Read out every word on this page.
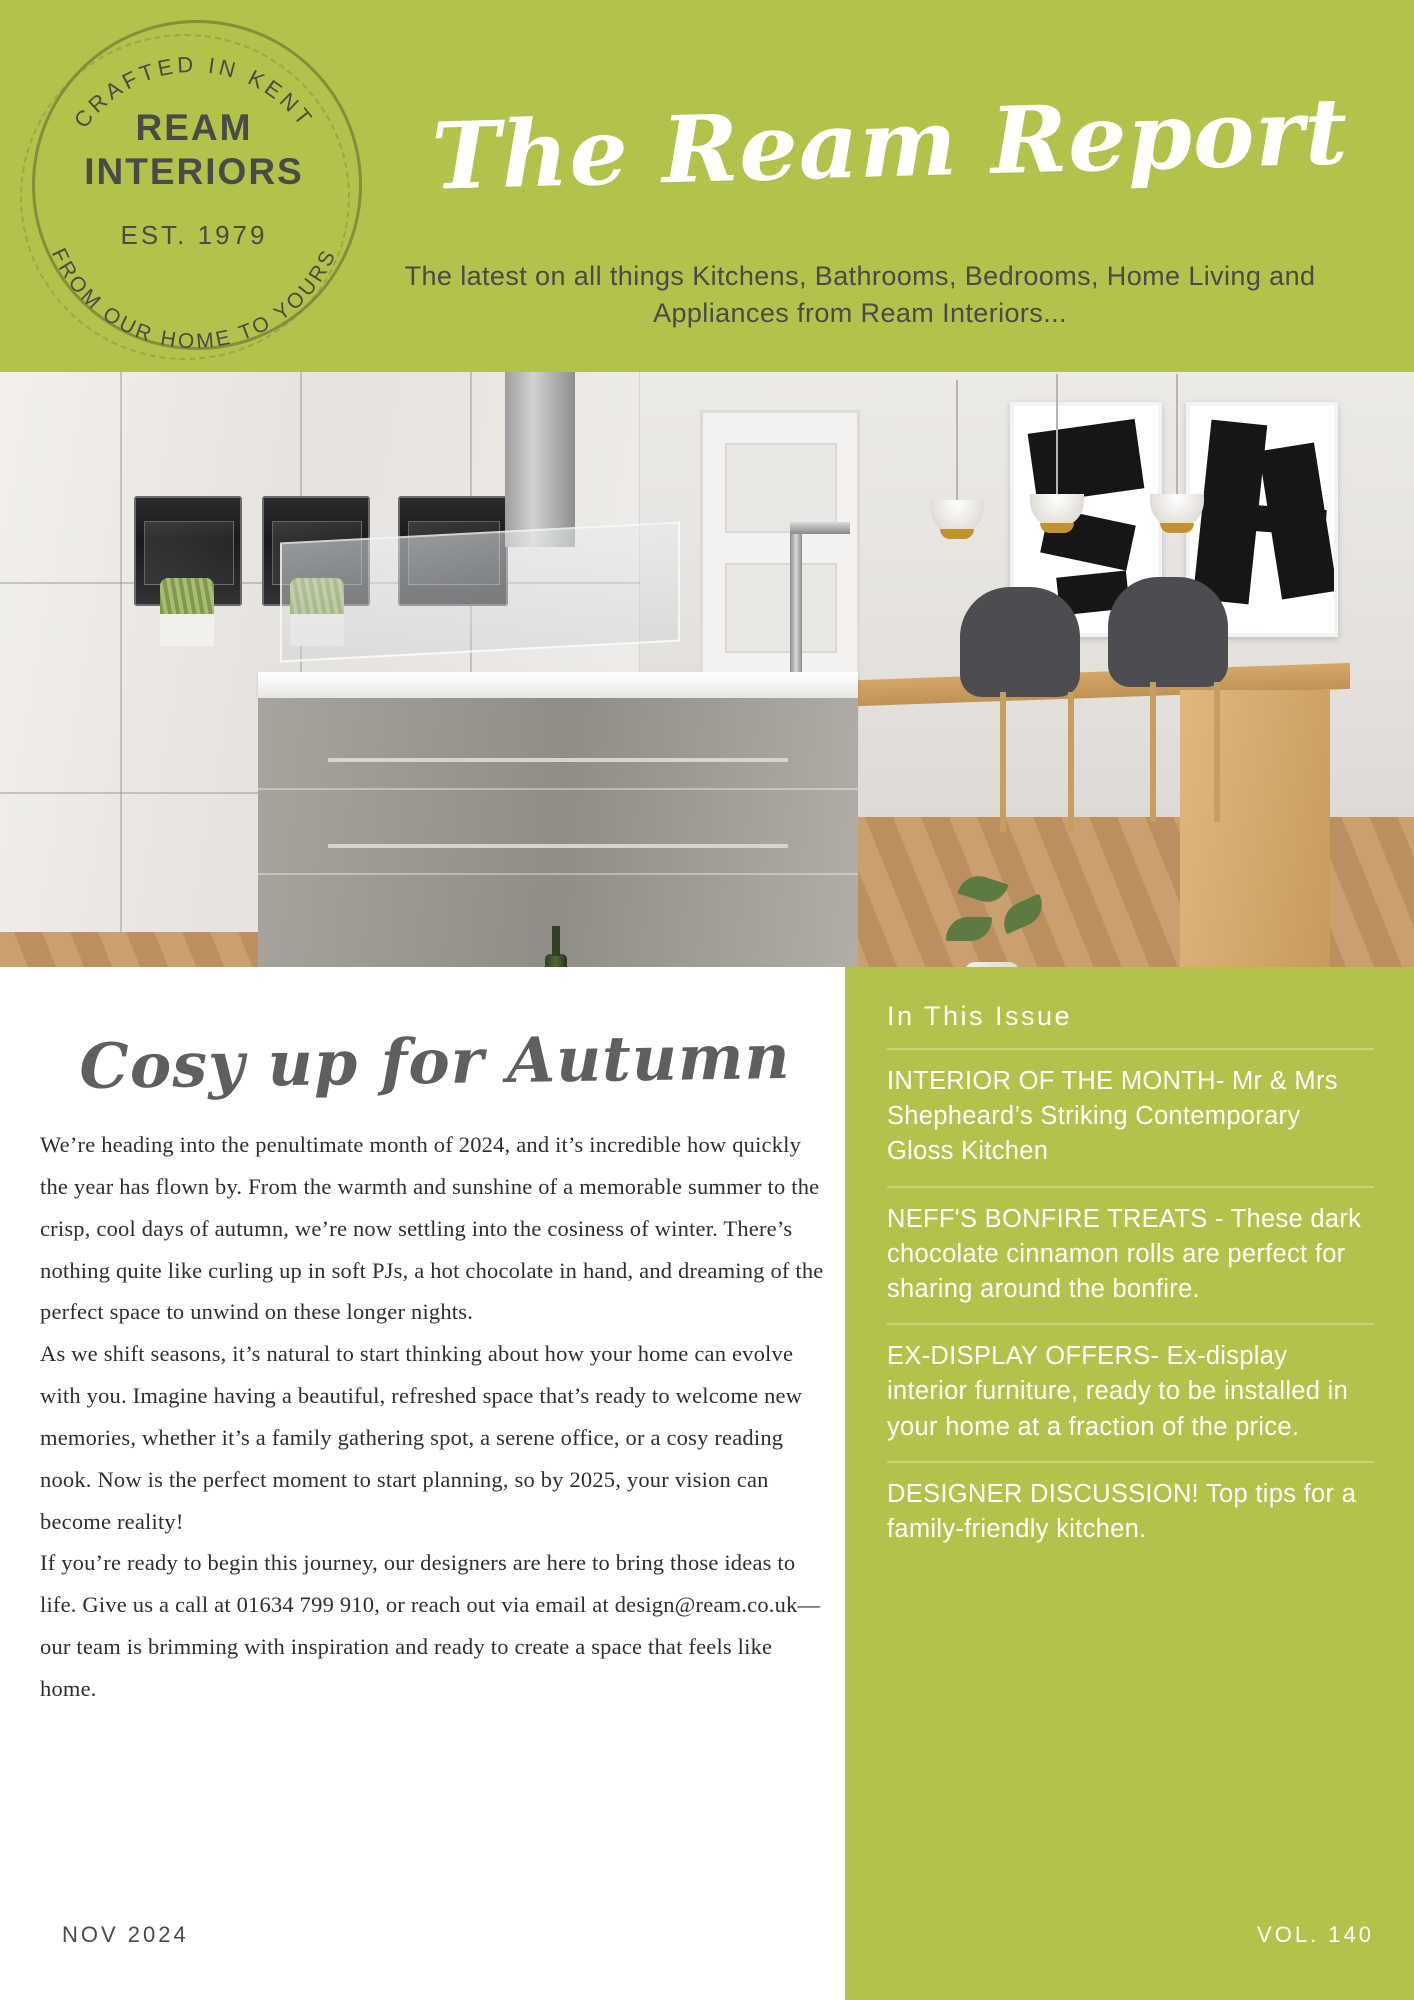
CRAFTED IN KENT
FROM OUR HOME TO YOURS
REAM
INTERIORS
EST. 1979
The Ream Report
The latest on all things Kitchens, Bathrooms, Bedrooms, Home Living and Appliances from Ream Interiors...
Cosy up for Autumn

We’re heading into the penultimate month of 2024, and it’s incredible how quickly the year has flown by. From the warmth and sunshine of a memorable summer to the crisp, cool days of autumn, we’re now settling into the cosiness of winter. There’s nothing quite like curling up in soft PJs, a hot chocolate in hand, and dreaming of the perfect space to unwind on these longer nights.

As we shift seasons, it’s natural to start thinking about how your home can evolve with you. Imagine having a beautiful, refreshed space that’s ready to welcome new memories, whether it’s a family gathering spot, a serene office, or a cosy reading nook. Now is the perfect moment to start planning, so by 2025, your vision can become reality!

If you’re ready to begin this journey, our designers are here to bring those ideas to life. Give us a call at 01634 799 910, or reach out via email at design@ream.co.uk—our team is brimming with inspiration and ready to create a space that feels like home.

NOV 2024
In This Issue
INTERIOR OF THE MONTH- Mr & Mrs Shepheard’s Striking Contemporary Gloss Kitchen
NEFF'S BONFIRE TREATS - These dark chocolate cinnamon rolls are perfect for sharing around the bonfire.
EX-DISPLAY OFFERS- Ex-display interior furniture, ready to be installed in your home at a fraction of the price.
DESIGNER DISCUSSION! Top tips for a family-friendly kitchen.
VOL. 140
